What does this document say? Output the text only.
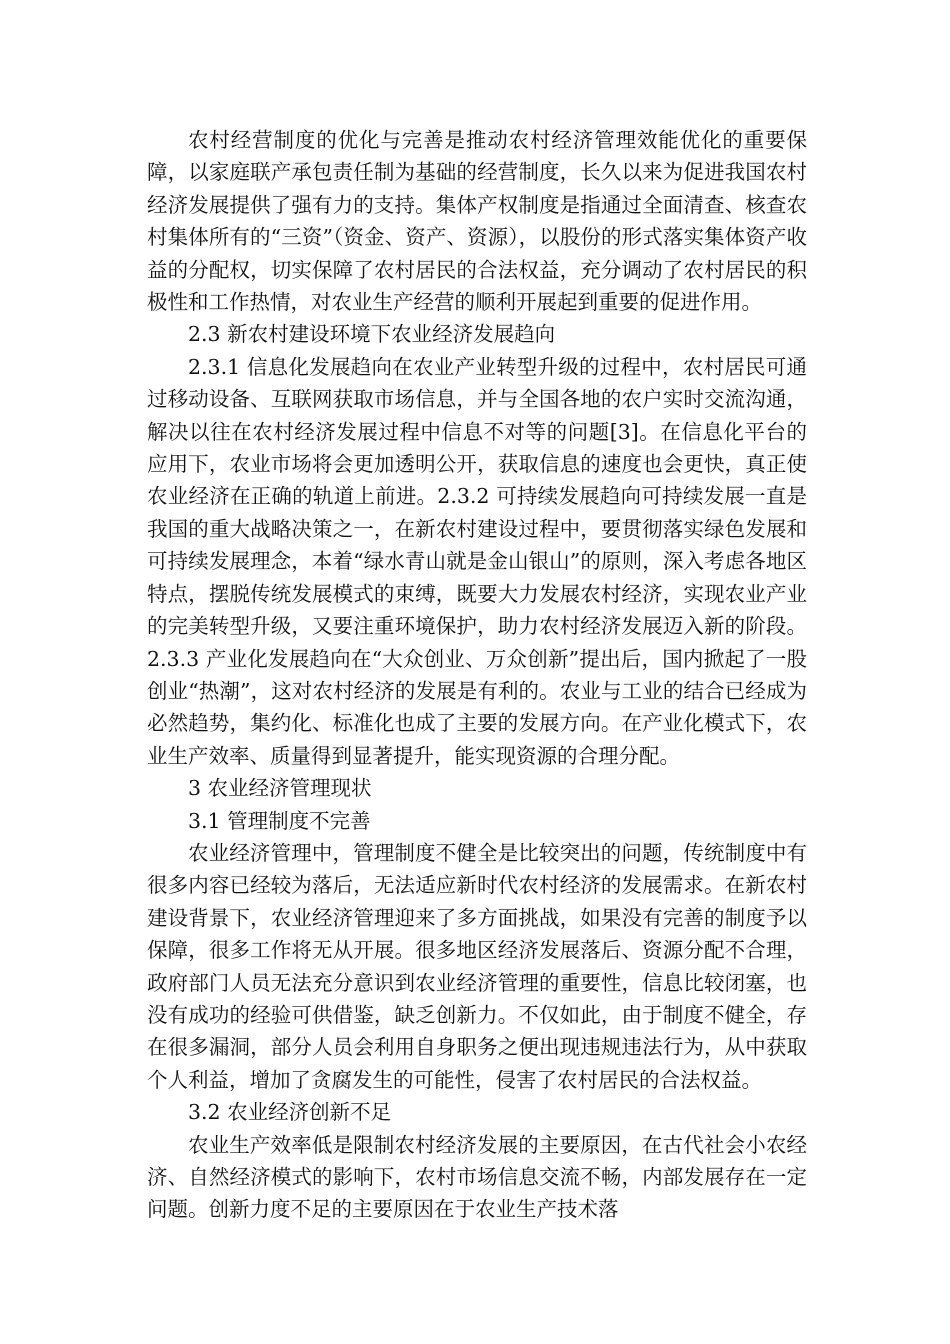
农村经营制度的优化与完善是推动农村经济管理效能优化的重要保障，以家庭联产承包责任制为基础的经营制度，长久以来为促进我国农村经济发展提供了强有力的支持。集体产权制度是指通过全面清查、核查农村集体所有的“三资”（资金、资产、资源），以股份的形式落实集体资产收益的分配权，切实保障了农村居民的合法权益，充分调动了农村居民的积极性和工作热情，对农业生产经营的顺利开展起到重要的促进作用。

2.3 新农村建设环境下农业经济发展趋向

2.3.1 信息化发展趋向在农业产业转型升级的过程中，农村居民可通过移动设备、互联网获取市场信息，并与全国各地的农户实时交流沟通，解决以往在农村经济发展过程中信息不对等的问题[3]。在信息化平台的应用下，农业市场将会更加透明公开，获取信息的速度也会更快，真正使农业经济在正确的轨道上前进。2.3.2 可持续发展趋向可持续发展一直是我国的重大战略决策之一，在新农村建设过程中，要贯彻落实绿色发展和可持续发展理念，本着“绿水青山就是金山银山”的原则，深入考虑各地区特点，摆脱传统发展模式的束缚，既要大力发展农村经济，实现农业产业的完美转型升级，又要注重环境保护，助力农村经济发展迈入新的阶段。2.3.3 产业化发展趋向在“大众创业、万众创新”提出后，国内掀起了一股创业“热潮”，这对农村经济的发展是有利的。农业与工业的结合已经成为必然趋势，集约化、标准化也成了主要的发展方向。在产业化模式下，农业生产效率、质量得到显著提升，能实现资源的合理分配。

3 农业经济管理现状

3.1 管理制度不完善

农业经济管理中，管理制度不健全是比较突出的问题，传统制度中有很多内容已经较为落后，无法适应新时代农村经济的发展需求。在新农村建设背景下，农业经济管理迎来了多方面挑战，如果没有完善的制度予以保障，很多工作将无从开展。很多地区经济发展落后、资源分配不合理，政府部门人员无法充分意识到农业经济管理的重要性，信息比较闭塞，也没有成功的经验可供借鉴，缺乏创新力。不仅如此，由于制度不健全，存在很多漏洞，部分人员会利用自身职务之便出现违规违法行为，从中获取个人利益，增加了贪腐发生的可能性，侵害了农村居民的合法权益。

3.2 农业经济创新不足

农业生产效率低是限制农村经济发展的主要原因，在古代社会小农经济、自然经济模式的影响下，农村市场信息交流不畅，内部发展存在一定问题。创新力度不足的主要原因在于农业生产技术落
